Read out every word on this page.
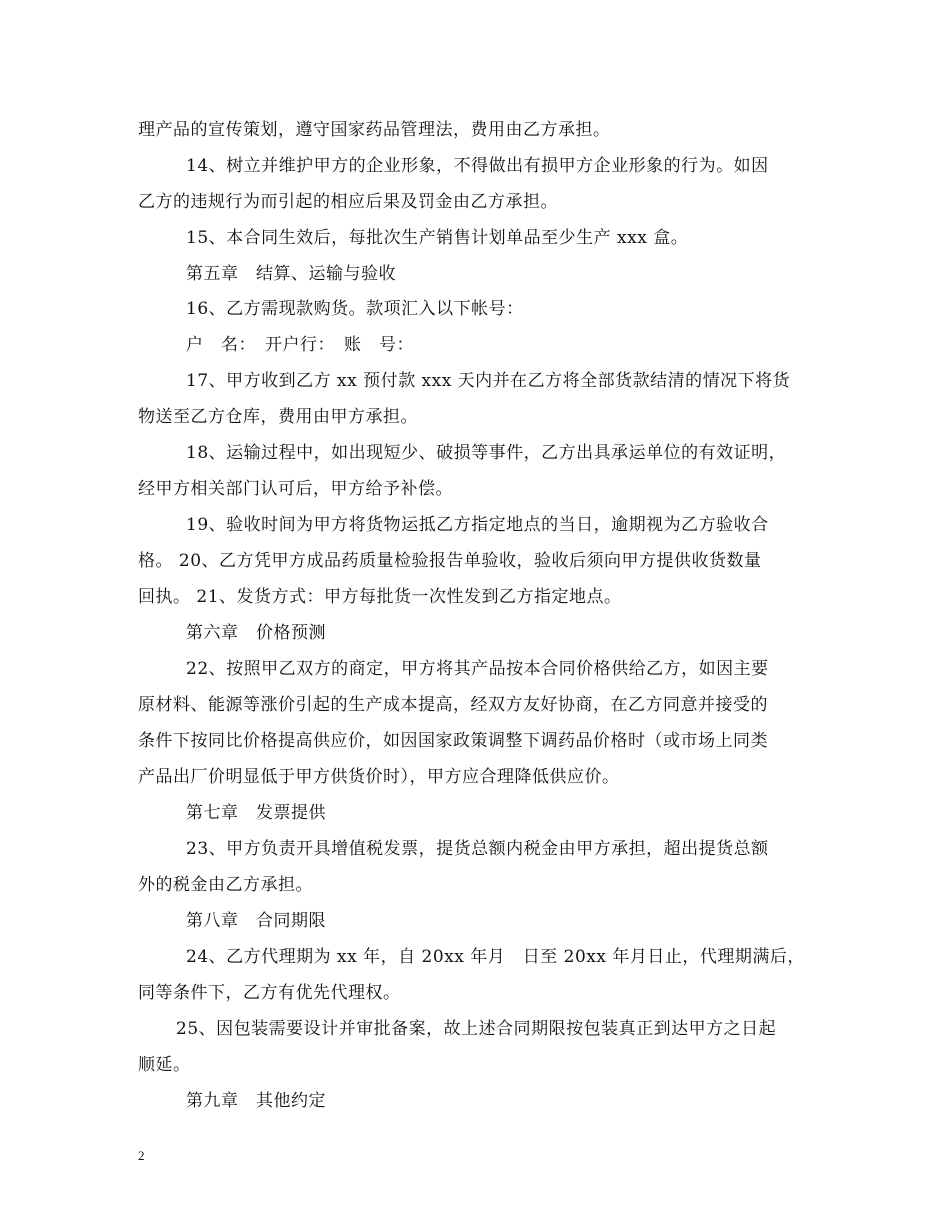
理产品的宣传策划，遵守国家药品管理法，费用由乙方承担。
14、树立并维护甲方的企业形象，不得做出有损甲方企业形象的行为。如因
乙方的违规行为而引起的相应后果及罚金由乙方承担。
15、本合同生效后，每批次生产销售计划单品至少生产 xxx 盒。
第五章　结算、运输与验收
16、乙方需现款购货。款项汇入以下帐号：
户　名：　开户行：　账　号：
17、甲方收到乙方 xx 预付款 xxx 天内并在乙方将全部货款结清的情况下将货
物送至乙方仓库，费用由甲方承担。
18、运输过程中，如出现短少、破损等事件，乙方出具承运单位的有效证明，
经甲方相关部门认可后，甲方给予补偿。
19、验收时间为甲方将货物运抵乙方指定地点的当日，逾期视为乙方验收合
格。 20、乙方凭甲方成品药质量检验报告单验收，验收后须向甲方提供收货数量
回执。 21、发货方式：甲方每批货一次性发到乙方指定地点。
第六章　价格预测
22、按照甲乙双方的商定，甲方将其产品按本合同价格供给乙方，如因主要
原材料、能源等涨价引起的生产成本提高，经双方友好协商，在乙方同意并接受的
条件下按同比价格提高供应价，如因国家政策调整下调药品价格时（或市场上同类
产品出厂价明显低于甲方供货价时），甲方应合理降低供应价。
第七章　发票提供
23、甲方负责开具增值税发票，提货总额内税金由甲方承担，超出提货总额
外的税金由乙方承担。
第八章　合同期限
24、乙方代理期为 xx 年，自 20xx 年月　日至 20xx 年月日止，代理期满后，
同等条件下，乙方有优先代理权。
25、因包装需要设计并审批备案，故上述合同期限按包装真正到达甲方之日起
顺延。
第九章　其他约定
2
